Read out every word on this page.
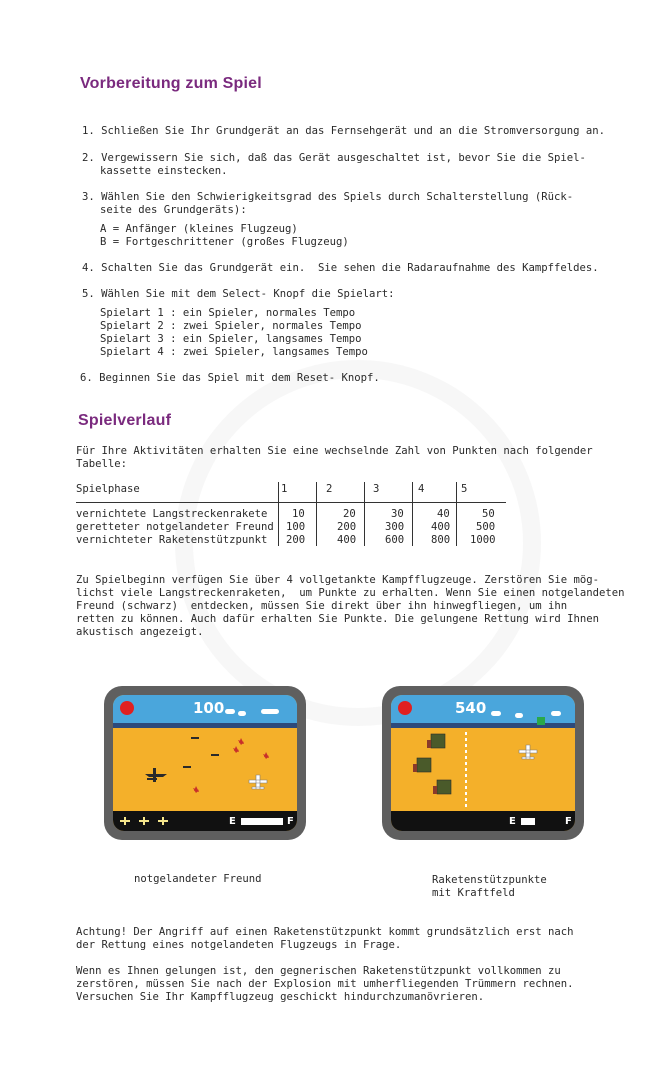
Vorbereitung zum Spiel
1. Schließen Sie Ihr Grundgerät an das Fernsehgerät und an die Stromversorgung an.
2. Vergewissern Sie sich, daß das Gerät ausgeschaltet ist, bevor Sie die Spiel-
kassette einstecken.
3. Wählen Sie den Schwierigkeitsgrad des Spiels durch Schalterstellung (Rück-
seite des Grundgeräts):
A = Anfänger (kleines Flugzeug)
B = Fortgeschrittener (großes Flugzeug)
4. Schalten Sie das Grundgerät ein.  Sie sehen die Radaraufnahme des Kampffeldes.
5. Wählen Sie mit dem Select- Knopf die Spielart:
Spielart 1 : ein Spieler, normales Tempo
Spielart 2 : zwei Spieler, normales Tempo
Spielart 3 : ein Spieler, langsames Tempo
Spielart 4 : zwei Spieler, langsames Tempo
6. Beginnen Sie das Spiel mit dem Reset- Knopf.
Spielverlauf
Für Ihre Aktivitäten erhalten Sie eine wechselnde Zahl von Punkten nach folgender
Tabelle:
Spielphase	1	2	3	4	5
vernichtete Langstreckenrakete 10	20	30	40	50
geretteter notgelandeter Freund 100	200	300	400 500
vernichteter Raketenstützpunkt 200	400	600	800 1000
Zu Spielbeginn verfügen Sie über 4 vollgetankte Kampfflugzeuge. Zerstören Sie mög-
lichst viele Langstreckenraketen,  um Punkte zu erhalten. Wenn Sie einen notgelandeten
Freund (schwarz)  entdecken, müssen Sie direkt über ihn hinwegfliegen, um ihn
retten zu können. Auch dafür erhalten Sie Punkte. Die gelungene Rettung wird Ihnen
akustisch angezeigt.
100
E	F
540
E	F
notgelandeter Freund	Raketenstützpunkte
mit Kraftfeld
Achtung! Der Angriff auf einen Raketenstützpunkt kommt grundsätzlich erst nach
der Rettung eines notgelandeten Flugzeugs in Frage.
Wenn es Ihnen gelungen ist, den gegnerischen Raketenstützpunkt vollkommen zu
zerstören, müssen Sie nach der Explosion mit umherfliegenden Trümmern rechnen.
Versuchen Sie Ihr Kampfflugzeug geschickt hindurchzumanövrieren.
